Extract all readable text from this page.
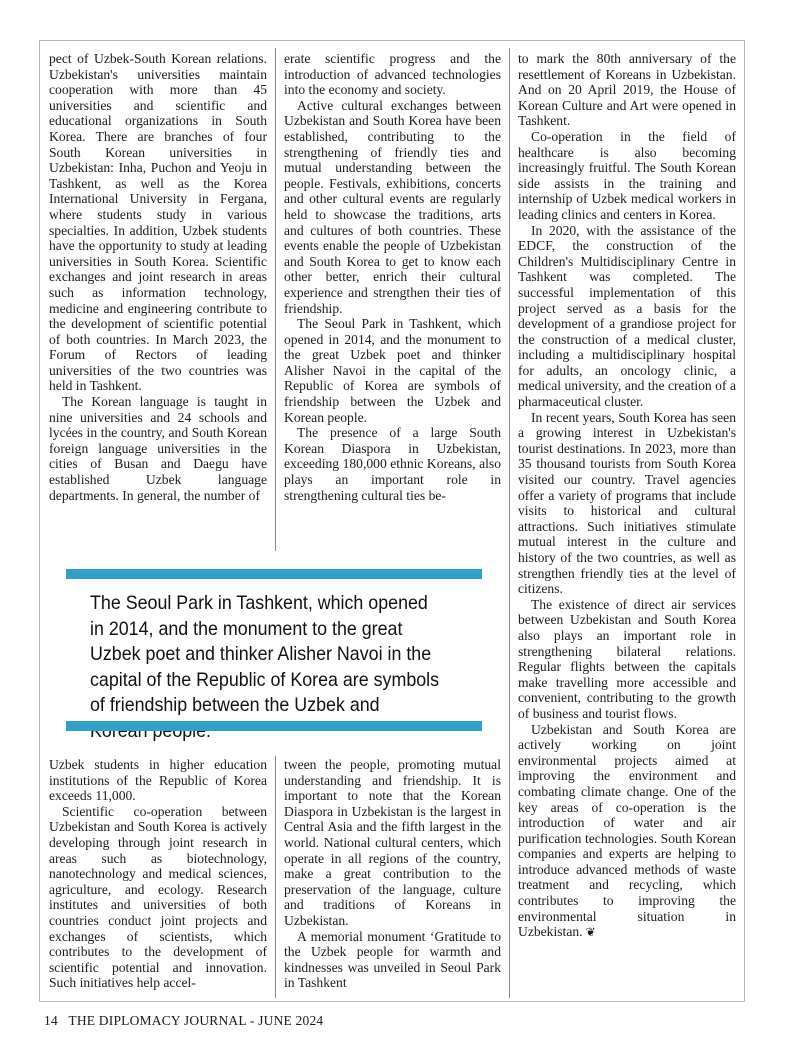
pect of Uzbek-South Korean relations. Uzbekistan's universities maintain cooperation with more than 45 universities and scientific and educational organizations in South Korea. There are branches of four South Korean universities in Uzbekistan: Inha, Puchon and Yeoju in Tashkent, as well as the Korea International University in Fergana, where students study in various specialties. In addition, Uzbek students have the opportunity to study at leading universities in South Korea. Scientific exchanges and joint research in areas such as information technology, medicine and engineering contribute to the development of scientific potential of both countries. In March 2023, the Forum of Rectors of leading universities of the two countries was held in Tashkent.

The Korean language is taught in nine universities and 24 schools and lycées in the country, and South Korean foreign language universities in the cities of Busan and Daegu have established Uzbek language departments. In general, the number of

erate scientific progress and the introduction of advanced technologies into the economy and society.

Active cultural exchanges between Uzbekistan and South Korea have been established, contributing to the strengthening of friendly ties and mutual understanding between the people. Festivals, exhibitions, concerts and other cultural events are regularly held to showcase the traditions, arts and cultures of both countries. These events enable the people of Uzbekistan and South Korea to get to know each other better, enrich their cultural experience and strengthen their ties of friendship.

The Seoul Park in Tashkent, which opened in 2014, and the monument to the great Uzbek poet and thinker Alisher Navoi in the capital of the Republic of Korea are symbols of friendship between the Uzbek and Korean people.

The presence of a large South Korean Diaspora in Uzbekistan, exceeding 180,000 ethnic Koreans, also plays an important role in strengthening cultural ties be-

The Seoul Park in Tashkent, which opened in 2014, and the monument to the great Uzbek poet and thinker Alisher Navoi in the capital of the Republic of Korea are symbols of friendship between the Uzbek and

Uzbek students in higher education institutions of the Republic of Korea exceeds 11,000.

Scientific co-operation between Uzbekistan and South Korea is actively developing through joint research in areas such as biotechnology, nanotechnology and medical sciences, agriculture, and ecology. Research institutes and universities of both countries conduct joint projects and exchanges of scientists, which contributes to the development of scientific potential and innovation. Such initiatives help accel-

tween the people, promoting mutual understanding and friendship. It is important to note that the Korean Diaspora in Uzbekistan is the largest in Central Asia and the fifth largest in the world. National cultural centers, which operate in all regions of the country, make a great contribution to the preservation of the language, culture and traditions of Koreans in Uzbekistan.

A memorial monument ‘Gratitude to the Uzbek people for warmth and kindnesses was unveiled in Seoul Park in Tashkent

to mark the 80th anniversary of the resettlement of Koreans in Uzbekistan. And on 20 April 2019, the House of Korean Culture and Art were opened in Tashkent.

Co-operation in the field of healthcare is also becoming increasingly fruitful. The South Korean side assists in the training and internship of Uzbek medical workers in leading clinics and centers in Korea.

In 2020, with the assistance of the EDCF, the construction of the Children's Multidisciplinary Centre in Tashkent was completed. The successful implementation of this project served as a basis for the development of a grandiose project for the construction of a medical cluster, including a multidisciplinary hospital for adults, an oncology clinic, a medical university, and the creation of a pharmaceutical cluster.

In recent years, South Korea has seen a growing interest in Uzbekistan's tourist destinations. In 2023, more than 35 thousand tourists from South Korea visited our country. Travel agencies offer a variety of programs that include visits to historical and cultural attractions. Such initiatives stimulate mutual interest in the culture and history of the two countries, as well as strengthen friendly ties at the level of citizens.

The existence of direct air services between Uzbekistan and South Korea also plays an important role in strengthening bilateral relations. Regular flights between the capitals make travelling more accessible and convenient, contributing to the growth of business and tourist flows.

Uzbekistan and South Korea are actively working on joint environmental projects aimed at improving the environment and combating climate change. One of the key areas of co-operation is the introduction of water and air purification technologies. South Korean companies and experts are helping to introduce advanced methods of waste treatment and recycling, which contributes to improving the environmental situation in Uzbekistan. ❦

14   THE DIPLOMACY JOURNAL - JUNE 2024
